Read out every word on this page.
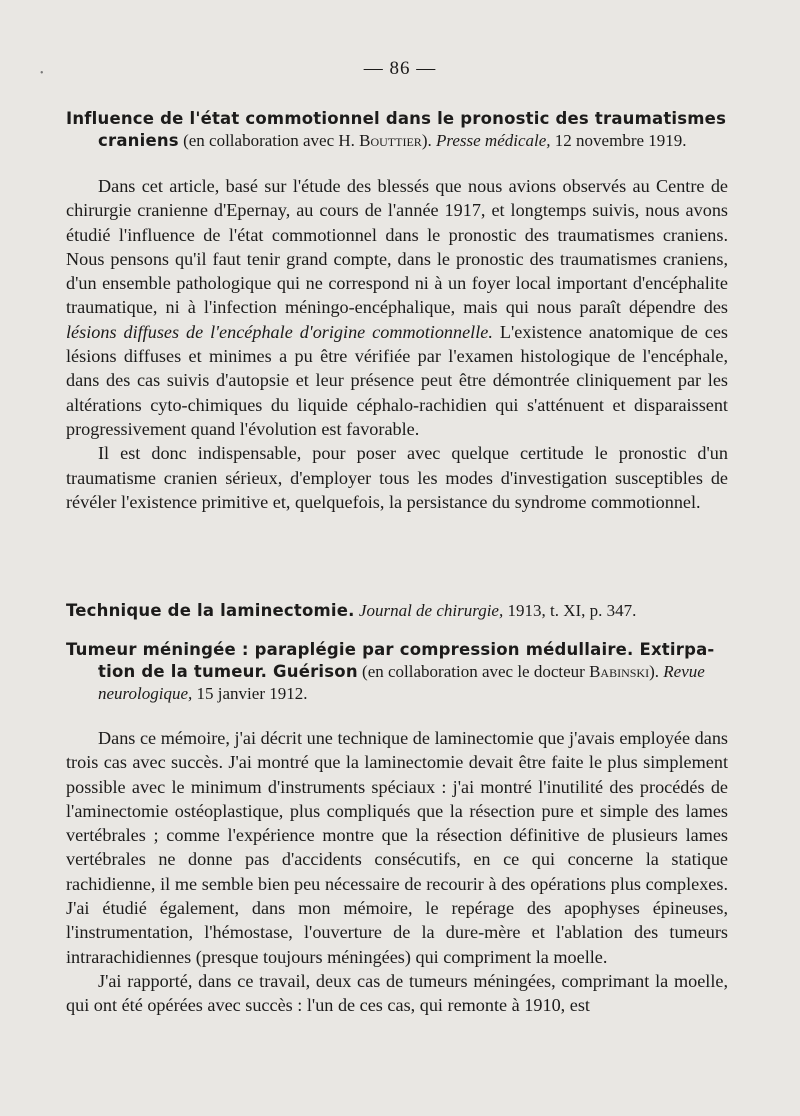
•	— 86 —
Influence de l'état commotionnel dans le pronostic des traumatismes
craniens (en collaboration avec H. Bouttier). Presse médicale, 12 novembre 1919.

Dans cet article, basé sur l'étude des blessés que nous avions observés au Centre de chirurgie cranienne d'Epernay, au cours de l'année 1917, et longtemps suivis, nous avons étudié l'influence de l'état commotionnel dans le pronostic des traumatismes craniens. Nous pensons qu'il faut tenir grand compte, dans le pronostic des traumatismes craniens, d'un ensemble pathologique qui ne correspond ni à un foyer local important d'encéphalite traumatique, ni à l'infection méningo-encéphalique, mais qui nous paraît dépendre des lésions diffuses de l'encéphale d'origine commotionnelle. L'existence anatomique de ces lésions diffuses et minimes a pu être vérifiée par l'examen histologique de l'encéphale, dans des cas suivis d'autopsie et leur présence peut être démontrée cliniquement par les altérations cyto-chimiques du liquide céphalo-rachidien qui s'atténuent et disparaissent progressivement quand l'évolution est favorable.

Il est donc indispensable, pour poser avec quelque certitude le pronostic d'un traumatisme cranien sérieux, d'employer tous les modes d'investigation susceptibles de révéler l'existence primitive et, quelquefois, la persistance du syndrome commotionnel.

Technique de la laminectomie. Journal de chirurgie, 1913, t. XI, p. 347.
Tumeur méningée : paraplégie par compression médullaire. Extirpa-
tion de la tumeur. Guérison (en collaboration avec le docteur Babinski). Revue neurologique, 15 janvier 1912.

Dans ce mémoire, j'ai décrit une technique de laminectomie que j'avais employée dans trois cas avec succès. J'ai montré que la laminectomie devait être faite le plus simplement possible avec le minimum d'instruments spéciaux : j'ai montré l'inutilité des procédés de l'aminectomie ostéoplastique, plus compliqués que la résection pure et simple des lames vertébrales ; comme l'expérience montre que la résection définitive de plusieurs lames vertébrales ne donne pas d'accidents consécutifs, en ce qui concerne la statique rachidienne, il me semble bien peu nécessaire de recourir à des opérations plus complexes. J'ai étudié également, dans mon mémoire, le repérage des apophyses épineuses, l'instrumentation, l'hémostase, l'ouverture de la dure-mère et l'ablation des tumeurs intrarachidiennes (presque toujours méningées) qui compriment la moelle.

J'ai rapporté, dans ce travail, deux cas de tumeurs méningées, comprimant la moelle, qui ont été opérées avec succès : l'un de ces cas, qui remonte à 1910, est
